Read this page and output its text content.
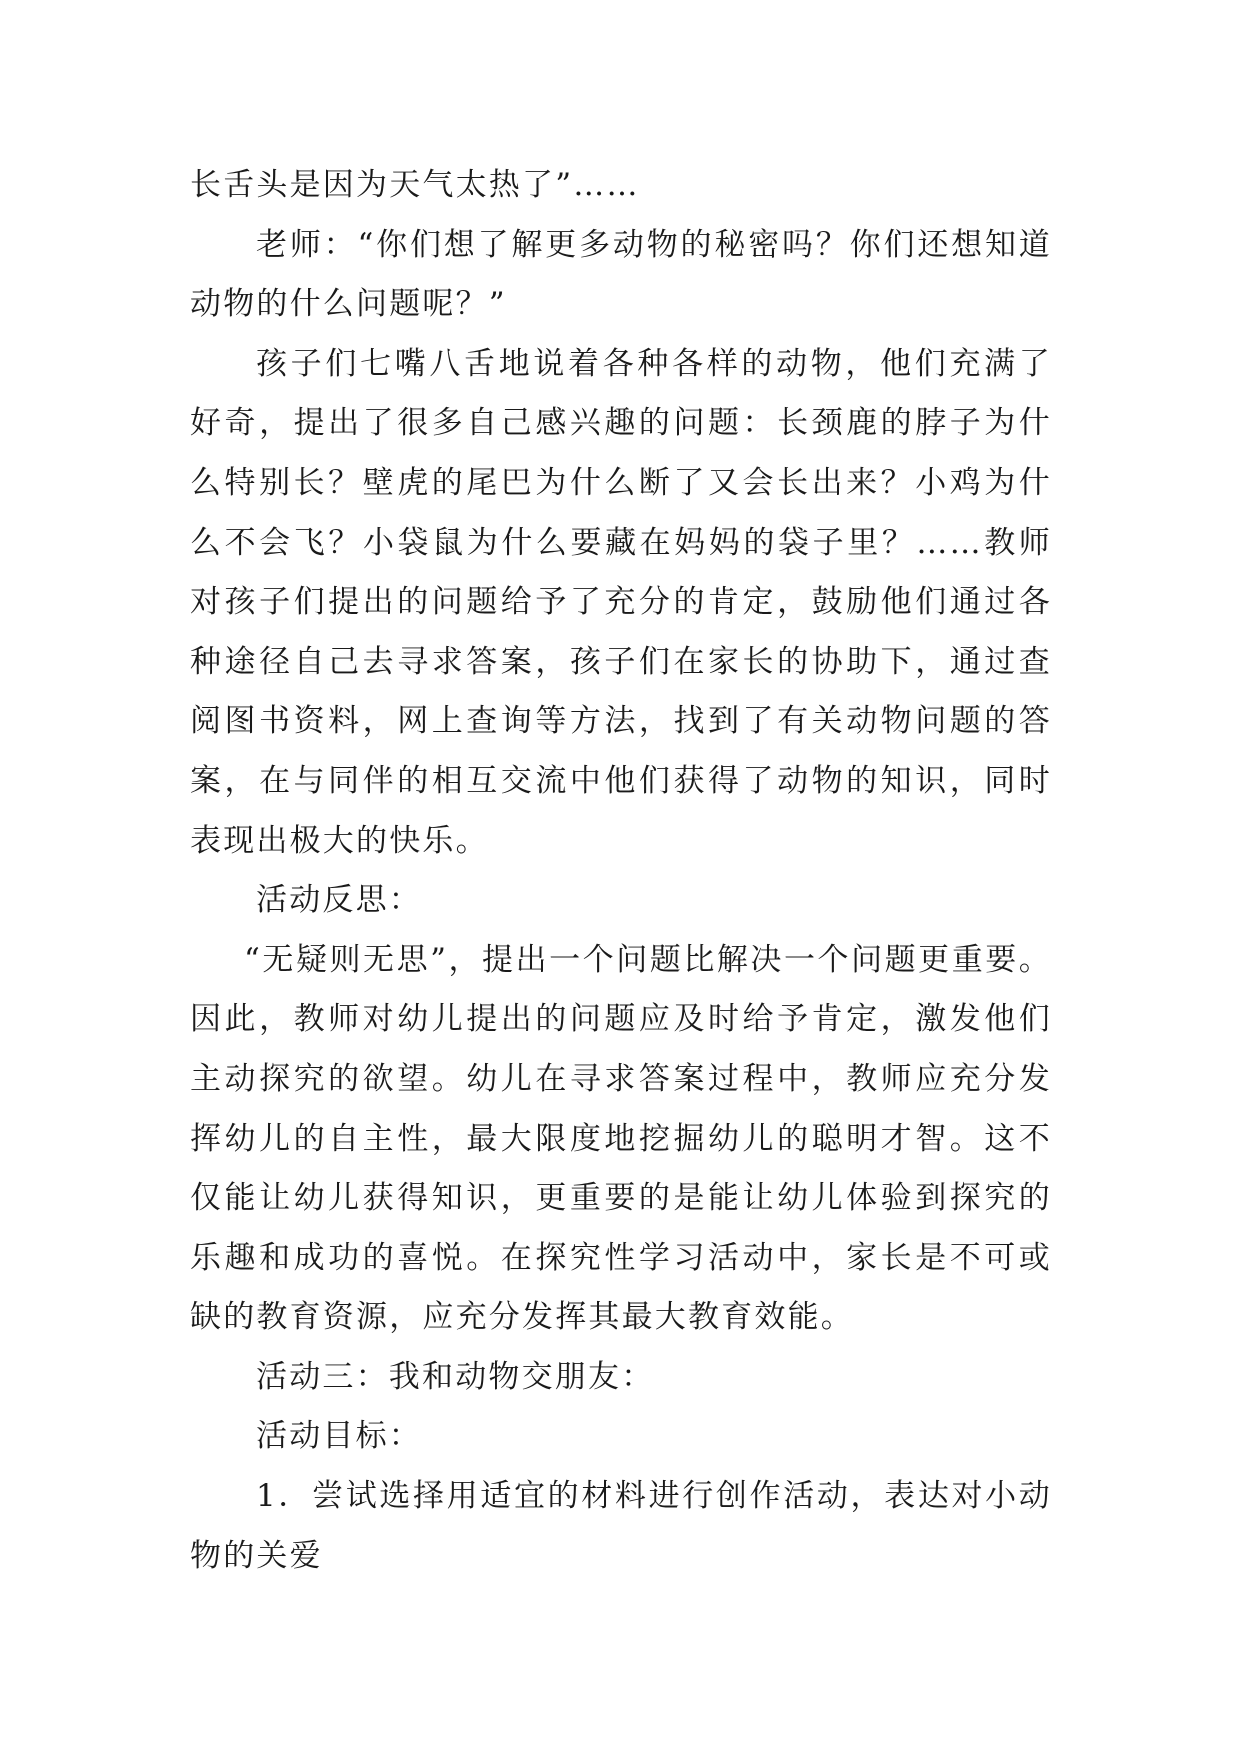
长舌头是因为天气太热了”……

老师：“你们想了解更多动物的秘密吗？你们还想知道动物的什么问题呢？”

孩子们七嘴八舌地说着各种各样的动物，他们充满了好奇，提出了很多自己感兴趣的问题：长颈鹿的脖子为什么特别长？壁虎的尾巴为什么断了又会长出来？小鸡为什么不会飞？小袋鼠为什么要藏在妈妈的袋子里？……教师对孩子们提出的问题给予了充分的肯定，鼓励他们通过各种途径自己去寻求答案，孩子们在家长的协助下，通过查阅图书资料，网上查询等方法，找到了有关动物问题的答案，在与同伴的相互交流中他们获得了动物的知识，同时表现出极大的快乐。

活动反思：

“无疑则无思”，提出一个问题比解决一个问题更重要。因此，教师对幼儿提出的问题应及时给予肯定，激发他们主动探究的欲望。幼儿在寻求答案过程中，教师应充分发挥幼儿的自主性，最大限度地挖掘幼儿的聪明才智。这不仅能让幼儿获得知识，更重要的是能让幼儿体验到探究的乐趣和成功的喜悦。在探究性学习活动中，家长是不可或缺的教育资源，应充分发挥其最大教育效能。

活动三：我和动物交朋友：

活动目标：

1．尝试选择用适宜的材料进行创作活动，表达对小动物的关爱
